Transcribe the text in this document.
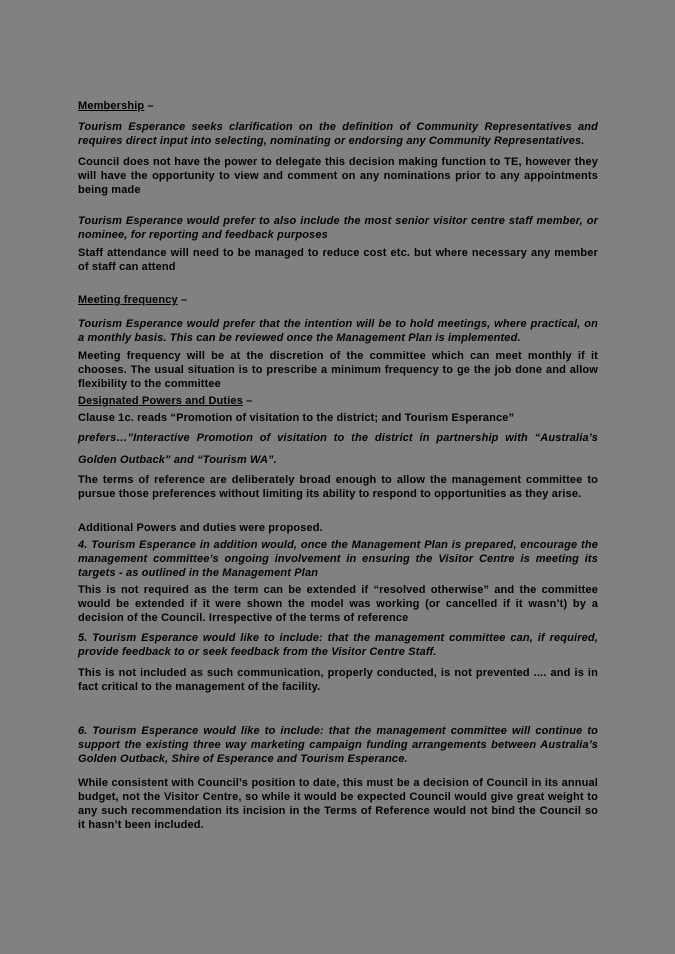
Membership –

Tourism Esperance seeks clarification on the definition of Community Representatives and requires direct input into selecting, nominating or endorsing any Community Representatives.

Council does not have the power to delegate this decision making function to TE, however they will have the opportunity to view and comment on any nominations prior to any appointments being made

Tourism Esperance would prefer to also include the most senior visitor centre staff member, or nominee, for reporting and feedback purposes

Staff attendance will need to be managed to reduce cost etc. but where necessary any member of staff can attend

Meeting frequency –

Tourism Esperance would prefer that the intention will be to hold meetings, where practical, on a monthly basis. This can be reviewed once the Management Plan is implemented.

Meeting frequency will be at the discretion of the committee which can meet monthly if it chooses. The usual situation is to prescribe a minimum frequency to ge the job done and allow flexibility to the committee

Designated Powers and Duties –

Clause 1c. reads “Promotion of visitation to the district; and Tourism Esperance”

prefers…”Interactive Promotion of visitation to the district in partnership with “Australia’s Golden Outback” and “Tourism WA”.

The terms of reference are deliberately broad enough to allow the management committee to pursue those preferences without limiting its ability to respond to opportunities as they arise.

Additional Powers and duties were proposed.

4. Tourism Esperance in addition would, once the Management Plan is prepared, encourage the management committee’s ongoing involvement in ensuring the Visitor Centre is meeting its targets - as outlined in the Management Plan

This is not required as the term can be extended if “resolved otherwise” and the committee would be extended if it were shown the model was working (or cancelled if it wasn’t) by a decision of the Council. Irrespective of the terms of reference

5. Tourism Esperance would like to include: that the management committee can, if required, provide feedback to or seek feedback from the Visitor Centre Staff.

This is not included as such communication, properly conducted, is not prevented .... and is in fact critical to the management of the facility.

6. Tourism Esperance would like to include: that the management committee will continue to support the existing three way marketing campaign funding arrangements between Australia’s Golden Outback, Shire of Esperance and Tourism Esperance.

While consistent with Council’s position to date, this must be a decision of Council in its annual budget, not the Visitor Centre, so while it would be expected Council would give great weight to any such recommendation its incision in the Terms of Reference would not bind the Council so it hasn’t been included.
